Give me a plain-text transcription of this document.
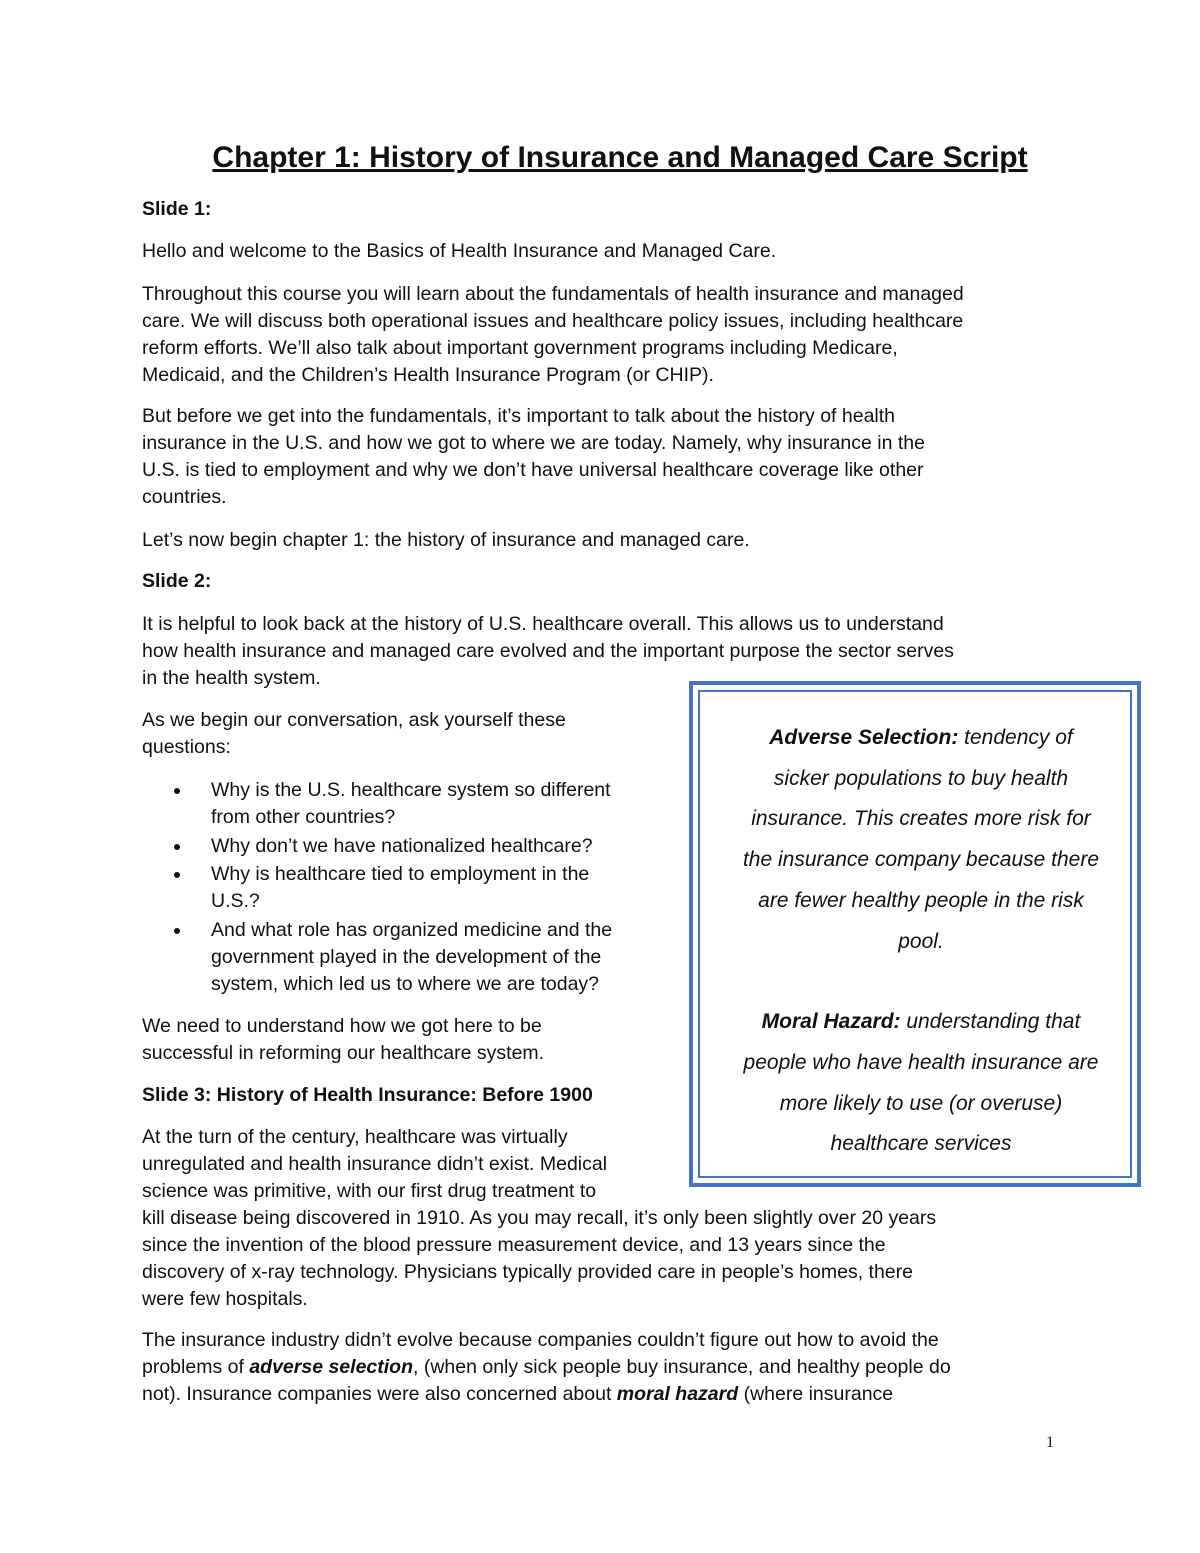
Chapter 1: History of Insurance and Managed Care Script
Slide 1:
Hello and welcome to the Basics of Health Insurance and Managed Care.
Throughout this course you will learn about the fundamentals of health insurance and managed
care. We will discuss both operational issues and healthcare policy issues, including healthcare
reform efforts. We’ll also talk about important government programs including Medicare,
Medicaid, and the Children’s Health Insurance Program (or CHIP).
But before we get into the fundamentals, it’s important to talk about the history of health
insurance in the U.S. and how we got to where we are today. Namely, why insurance in the
U.S. is tied to employment and why we don’t have universal healthcare coverage like other
countries.
Let’s now begin chapter 1: the history of insurance and managed care.
Slide 2:
It is helpful to look back at the history of U.S. healthcare overall. This allows us to understand
how health insurance and managed care evolved and the important purpose the sector serves
in the health system.
As we begin our conversation, ask yourself these
questions:
Why is the U.S. healthcare system so different
from other countries?
Why don’t we have nationalized healthcare?
Why is healthcare tied to employment in the
U.S.?
And what role has organized medicine and the
government played in the development of the
system, which led us to where we are today?
We need to understand how we got here to be
successful in reforming our healthcare system.
Slide 3: History of Health Insurance: Before 1900
At the turn of the century, healthcare was virtually
unregulated and health insurance didn’t exist. Medical
science was primitive, with our first drug treatment to
kill disease being discovered in 1910. As you may recall, it’s only been slightly over 20 years
since the invention of the blood pressure measurement device, and 13 years since the
discovery of x-ray technology. Physicians typically provided care in people’s homes, there
were few hospitals.
The insurance industry didn’t evolve because companies couldn’t figure out how to avoid the
problems of adverse selection, (when only sick people buy insurance, and healthy people do
not). Insurance companies were also concerned about moral hazard (where insurance
Adverse Selection: tendency of
sicker populations to buy health
insurance. This creates more risk for
the insurance company because there
are fewer healthy people in the risk
pool.
Moral Hazard: understanding that
people who have health insurance are
more likely to use (or overuse)
healthcare services
1
